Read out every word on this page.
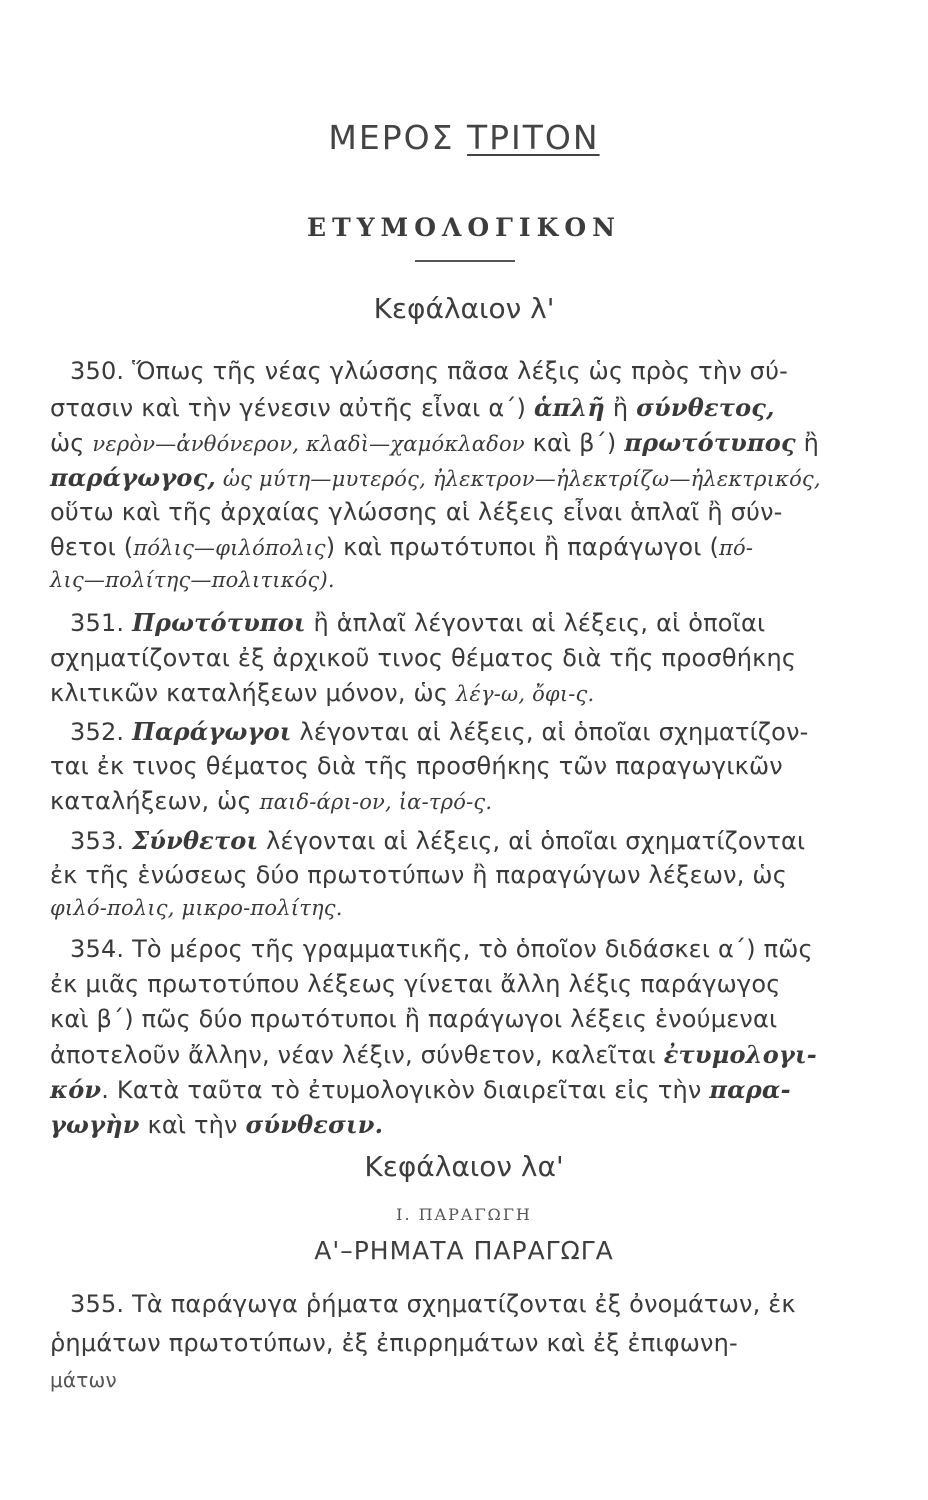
ΜΕΡΟΣ ΤΡΙΤΟΝ
ΕΤΥΜΟΛΟΓΙΚΟΝ
Κεφάλαιον λ'
350. Ὅπως τῆς νέας γλώσσης πᾶσα λέξις ὡς πρὸς τὴν σύ-
στασιν καὶ τὴν γένεσιν αὐτῆς εἶναι α΄) ἁπλῆ ἢ σύνθετος,
ὡς νερὸν—ἀνθόνερον, κλαδὶ—χαμόκλαδον καὶ β΄) πρωτότυπος ἢ
παράγωγος, ὡς μύτη—μυτερός, ἠλεκτρον—ἠλεκτρίζω—ἠλεκτρικός,
οὕτω καὶ τῆς ἀρχαίας γλώσσης αἱ λέξεις εἶναι ἁπλαῖ ἢ σύν-
θετοι (πόλις—φιλόπολις) καὶ πρωτότυποι ἢ παράγωγοι (πό-
λις—πολίτης—πολιτικός).
351. Πρωτότυποι ἢ ἁπλαῖ λέγονται αἱ λέξεις, αἱ ὁποῖαι
σχηματίζονται ἐξ ἀρχικοῦ τινος θέματος διὰ τῆς προσθήκης
κλιτικῶν καταλήξεων μόνον, ὡς λέγ-ω, ὄφι-ς.
352. Παράγωγοι λέγονται αἱ λέξεις, αἱ ὁποῖαι σχηματίζον-
ται ἐκ τινος θέματος διὰ τῆς προσθήκης τῶν παραγωγικῶν
καταλήξεων, ὡς παιδ-άρι-ον, ἰα-τρό-ς.
353. Σύνθετοι λέγονται αἱ λέξεις, αἱ ὁποῖαι σχηματίζονται
ἐκ τῆς ἑνώσεως δύο πρωτοτύπων ἢ παραγώγων λέξεων, ὡς
φιλό-πολις, μικρο-πολίτης.
354. Τὸ μέρος τῆς γραμματικῆς, τὸ ὁποῖον διδάσκει α΄) πῶς
ἐκ μιᾶς πρωτοτύπου λέξεως γίνεται ἄλλη λέξις παράγωγος
καὶ β΄) πῶς δύο πρωτότυποι ἢ παράγωγοι λέξεις ἑνούμεναι
ἀποτελοῦν ἄλλην, νέαν λέξιν, σύνθετον, καλεῖται ἐτυμολογι-
κόν. Κατὰ ταῦτα τὸ ἐτυμολογικὸν διαιρεῖται εἰς τὴν παρα-
γωγὴν καὶ τὴν σύνθεσιν.
Κεφάλαιον λα'
Ι. ΠΑΡΑΓΩΓΗ
Α'–ΡΗΜΑΤΑ ΠΑΡΑΓΩΓΑ
355. Τὰ παράγωγα ῥήματα σχηματίζονται ἐξ ὀνομάτων, ἐκ
ῥημάτων πρωτοτύπων, ἐξ ἐπιρρημάτων καὶ ἐξ ἐπιφωνη-
μάτων
